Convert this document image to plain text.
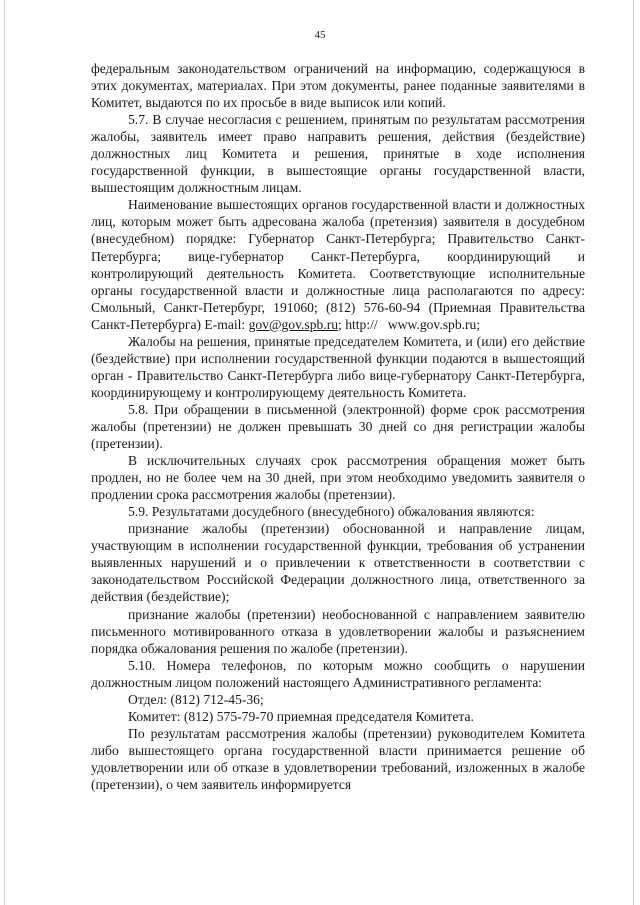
45

федеральным законодательством ограничений на информацию, содержащуюся в этих документах, материалах. При этом документы, ранее поданные заявителями в Комитет, выдаются по их просьбе в виде выписок или копий.

5.7. В случае несогласия с решением, принятым по результатам рассмотрения жалобы, заявитель имеет право направить решения, действия (бездействие) должностных лиц Комитета и решения, принятые в ходе исполнения государственной функции, в вышестоящие органы государственной власти, вышестоящим должностным лицам.

Наименование вышестоящих органов государственной власти и должностных лиц, которым может быть адресована жалоба (претензия) заявителя в досудебном (внесудебном) порядке: Губернатор Санкт-Петербурга; Правительство Санкт-Петербурга; вице-губернатор Санкт-Петербурга, координирующий и контролирующий деятельность Комитета. Соответствующие исполнительные органы государственной власти и должностные лица располагаются по адресу: Смольный, Санкт-Петербург, 191060; (812) 576-60-94 (Приемная Правительства Санкт-Петербурга) E-mail: gov@gov.spb.ru; http:// www.gov.spb.ru;

Жалобы на решения, принятые председателем Комитета, и (или) его действие (бездействие) при исполнении государственной функции подаются в вышестоящий орган - Правительство Санкт-Петербурга либо вице-губернатору Санкт-Петербурга, координирующему и контролирующему деятельность Комитета.

5.8. При обращении в письменной (электронной) форме срок рассмотрения жалобы (претензии) не должен превышать 30 дней со дня регистрации жалобы (претензии).

В исключительных случаях срок рассмотрения обращения может быть продлен, но не более чем на 30 дней, при этом необходимо уведомить заявителя о продлении срока рассмотрения жалобы (претензии).

5.9. Результатами досудебного (внесудебного) обжалования являются:

признание жалобы (претензии) обоснованной и направление лицам, участвующим в исполнении государственной функции, требования об устранении выявленных нарушений и о привлечении к ответственности в соответствии с законодательством Российской Федерации должностного лица, ответственного за действия (бездействие);

признание жалобы (претензии) необоснованной с направлением заявителю письменного мотивированного отказа в удовлетворении жалобы и разъяснением порядка обжалования решения по жалобе (претензии).

5.10. Номера телефонов, по которым можно сообщить о нарушении должностным лицом положений настоящего Административного регламента:

Отдел: (812) 712-45-36;

Комитет: (812) 575-79-70 приемная председателя Комитета.

По результатам рассмотрения жалобы (претензии) руководителем Комитета либо вышестоящего органа государственной власти принимается решение об удовлетворении или об отказе в удовлетворении требований, изложенных в жалобе (претензии), о чем заявитель информируется
